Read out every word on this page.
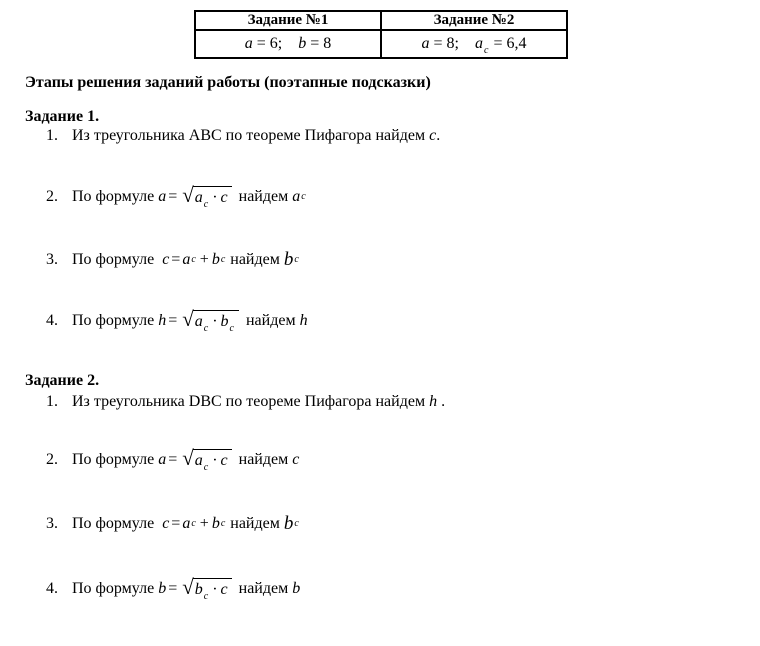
Задание №1	Задание №2
a = 6; b = 8	a = 8; $a_c = 6,4$
Этапы решения заданий работы (поэтапные подсказки)
Задание 1.
1. Из треугольника ABC по теореме Пифагора найдем c.
2. По формуле
a = √ $a_c \cdot c$
найдем
a c
3. По формуле
c = a c + b c
найдем
b c
4. По формуле
h = √ $a_c \cdot b_c$
найдем
h
Задание 2.
1. Из треугольника DBC по теореме Пифагора найдем h .
2. По формуле
a = √ $a_c \cdot c$
найдем
c
3. По формуле
c = a c + b c
найдем
b c
4. По формуле
b = √ $b_c \cdot c$
найдем
b
